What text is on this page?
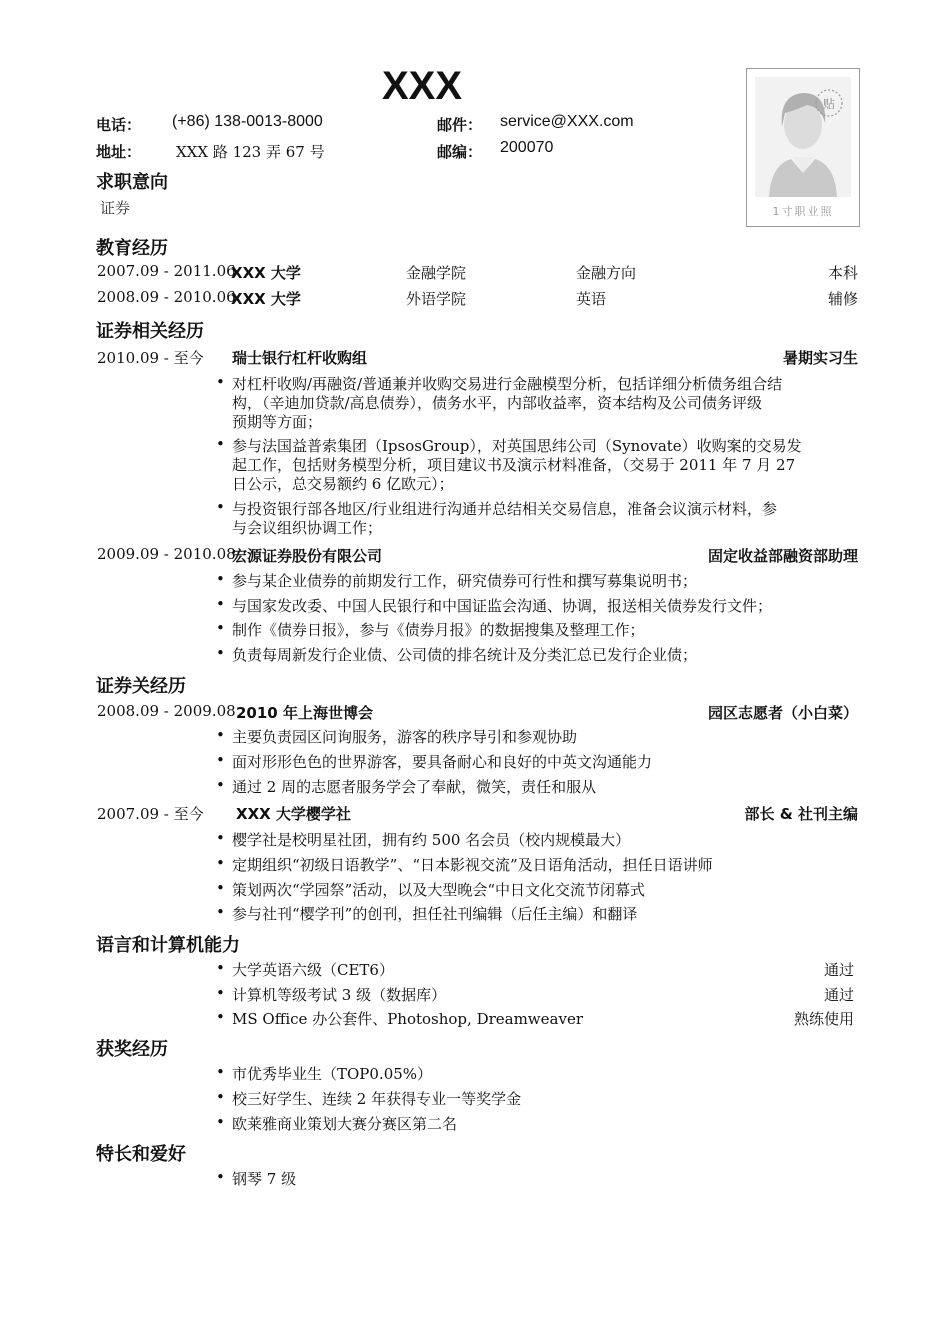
XXX
电话： (+86) 138-0013-8000	邮件： service@XXX.com
地址： XXX 路 123 弄 67 号	邮编： 200070
贴
1寸职业照
求职意向
证券
教育经历
2007.09 - 2011.06
XXX 大学	金融学院	金融方向	本科
2008.09 - 2010.06
XXX 大学	外语学院	英语	辅修
证券相关经历
2010.09 - 至今 瑞士银行杠杆收购组	暑期实习生
• 对杠杆收购/再融资/普通兼并收购交易进行金融模型分析，包括详细分析债务组合结
构，（辛迪加贷款/高息债券），债务水平，内部收益率，资本结构及公司债务评级
预期等方面；
• 参与法国益普索集团（IpsosGroup），对英国思纬公司（Synovate）收购案的交易发
起工作，包括财务模型分析，项目建议书及演示材料准备，（交易于 2011 年 7 月 27
日公示，总交易额约 6 亿欧元）；
• 与投资银行部各地区/行业组进行沟通并总结相关交易信息，准备会议演示材料，参
与会议组织协调工作；
2009.09 - 2010.08
宏源证券股份有限公司	固定收益部融资部助理
• 参与某企业债券的前期发行工作，研究债券可行性和撰写募集说明书；
• 与国家发改委、中国人民银行和中国证监会沟通、协调，报送相关债券发行文件；
• 制作《债券日报》，参与《债券月报》的数据搜集及整理工作；
• 负责每周新发行企业债、公司债的排名统计及分类汇总已发行企业债；
证券关经历
2008.09 - 2009.08 2010 年上海世博会	园区志愿者（小白菜）
• 主要负责园区问询服务，游客的秩序导引和参观协助
• 面对形形色色的世界游客，要具备耐心和良好的中英文沟通能力
• 通过 2 周的志愿者服务学会了奉献，微笑，责任和服从
2007.09 - 至今 XXX 大学樱学社	部长 & 社刊主编
• 樱学社是校明星社团，拥有约 500 名会员（校内规模最大）
• 定期组织“初级日语教学”、“日本影视交流”及日语角活动，担任日语讲师
• 策划两次“学园祭”活动，以及大型晚会“中日文化交流节闭幕式
• 参与社刊“樱学刊”的创刊，担任社刊编辑（后任主编）和翻译
语言和计算机能力
• 大学英语六级（CET6）	通过
• 计算机等级考试 3 级（数据库）	通过
• MS Office 办公套件、Photoshop, Dreamweaver	熟练使用
获奖经历
• 市优秀毕业生（TOP0.05%）
• 校三好学生、连续 2 年获得专业一等奖学金
• 欧莱雅商业策划大赛分赛区第二名
特长和爱好
• 钢琴 7 级
